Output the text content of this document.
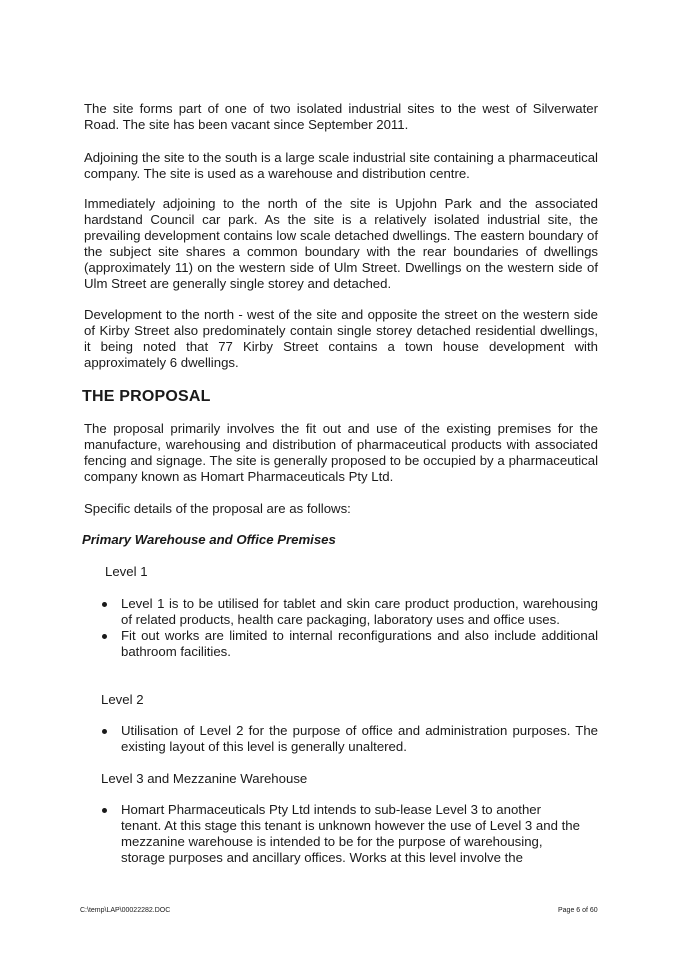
The site forms part of one of two isolated industrial sites to the west of Silverwater Road. The site has been vacant since September 2011.

Adjoining the site to the south is a large scale industrial site containing a pharmaceutical company. The site is used as a warehouse and distribution centre.

Immediately adjoining to the north of the site is Upjohn Park and the associated hardstand Council car park. As the site is a relatively isolated industrial site, the prevailing development contains low scale detached dwellings. The eastern boundary of the subject site shares a common boundary with the rear boundaries of dwellings (approximately 11) on the western side of Ulm Street. Dwellings on the western side of Ulm Street are generally single storey and detached.

Development to the north - west of the site and opposite the street on the western side of Kirby Street also predominately contain single storey detached residential dwellings, it being noted that 77 Kirby Street contains a town house development with approximately 6 dwellings.

THE PROPOSAL

The proposal primarily involves the fit out and use of the existing premises for the manufacture, warehousing and distribution of pharmaceutical products with associated fencing and signage. The site is generally proposed to be occupied by a pharmaceutical company known as Homart Pharmaceuticals Pty Ltd.

Specific details of the proposal are as follows:

Primary Warehouse and Office Premises

Level 1

Level 1 is to be utilised for tablet and skin care product production, warehousing of related products, health care packaging, laboratory uses and office uses.
Fit out works are limited to internal reconfigurations and also include additional bathroom facilities.

Level 2

Utilisation of Level 2 for the purpose of office and administration purposes. The existing layout of this level is generally unaltered.

Level 3 and Mezzanine Warehouse

Homart Pharmaceuticals Pty Ltd intends to sub-lease Level 3 to another tenant. At this stage this tenant is unknown however the use of Level 3 and the mezzanine warehouse is intended to be for the purpose of warehousing, storage purposes and ancillary offices. Works at this level involve the
C:\temp\LAP\00022282.DOC	Page 6 of 60
